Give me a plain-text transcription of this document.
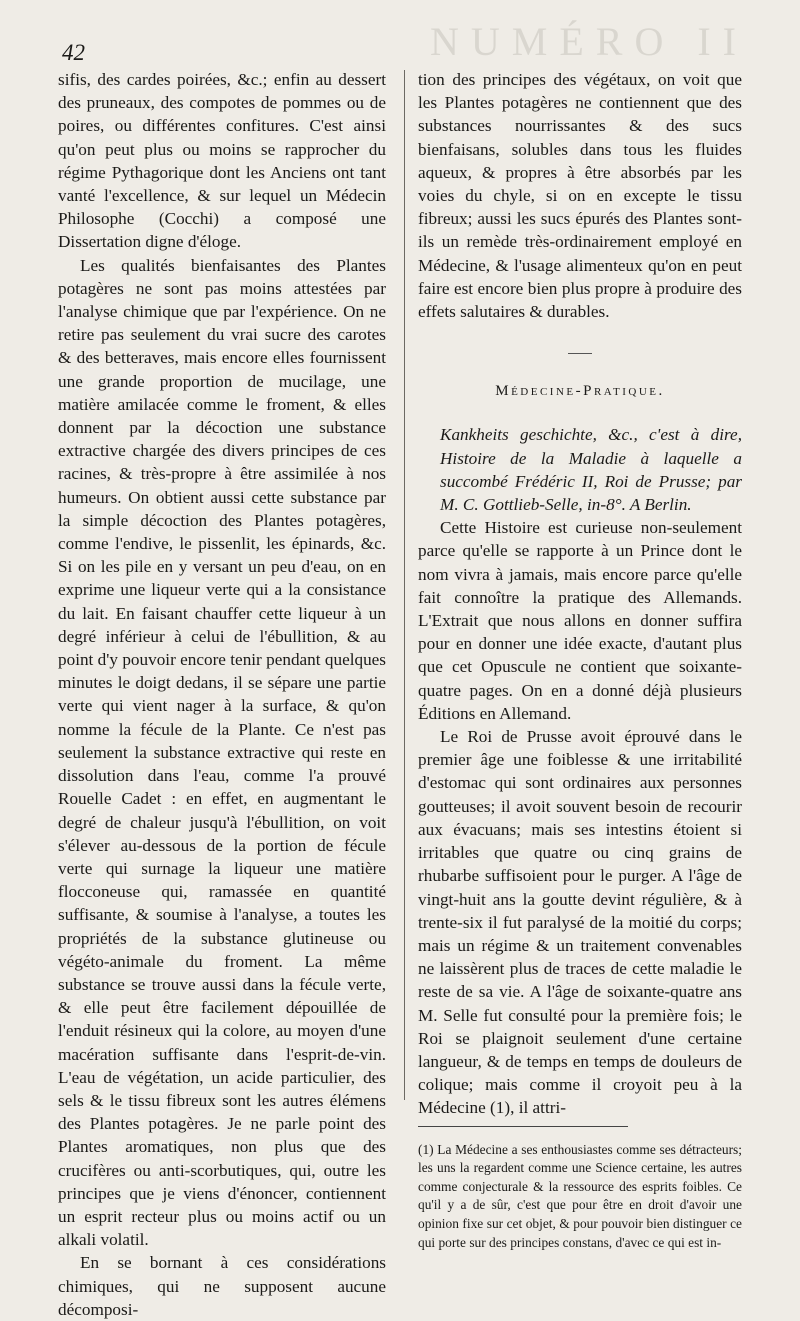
NUMÉRO II
42

sifis, des cardes poirées, &c.; enfin au dessert des pruneaux, des compotes de pommes ou de poires, ou différentes confitures. C'est ainsi qu'on peut plus ou moins se rapprocher du régime Pythagorique dont les Anciens ont tant vanté l'excellence, & sur lequel un Médecin Philosophe (Cocchi) a composé une Dissertation digne d'éloge.

Les qualités bienfaisantes des Plantes potagères ne sont pas moins attestées par l'analyse chimique que par l'expérience. On ne retire pas seulement du vrai sucre des carotes & des betteraves, mais encore elles fournissent une grande proportion de mucilage, une matière amilacée comme le froment, & elles donnent par la décoction une substance extractive chargée des divers principes de ces racines, & très-propre à être assimilée à nos humeurs. On obtient aussi cette substance par la simple décoction des Plantes potagères, comme l'endive, le pissenlit, les épinards, &c. Si on les pile en y versant un peu d'eau, on en exprime une liqueur verte qui a la consistance du lait. En faisant chauffer cette liqueur à un degré inférieur à celui de l'ébullition, & au point d'y pouvoir encore tenir pendant quelques minutes le doigt dedans, il se sépare une partie verte qui vient nager à la surface, & qu'on nomme la fécule de la Plante. Ce n'est pas seulement la substance extractive qui reste en dissolution dans l'eau, comme l'a prouvé Rouelle Cadet : en effet, en augmentant le degré de chaleur jusqu'à l'ébullition, on voit s'élever au-dessous de la portion de fécule verte qui surnage la liqueur une matière flocconeuse qui, ramassée en quantité suffisante, & soumise à l'analyse, a toutes les propriétés de la substance glutineuse ou végéto-animale du froment. La même substance se trouve aussi dans la fécule verte, & elle peut être facilement dépouillée de l'enduit résineux qui la colore, au moyen d'une macération suffisante dans l'esprit-de-vin. L'eau de végétation, un acide particulier, des sels & le tissu fibreux sont les autres élémens des Plantes potagères. Je ne parle point des Plantes aromatiques, non plus que des crucifères ou anti-scorbutiques, qui, outre les principes que je viens d'énoncer, contiennent un esprit recteur plus ou moins actif ou un alkali volatil.

En se bornant à ces considérations chimiques, qui ne supposent aucune décomposi-

tion des principes des végétaux, on voit que les Plantes potagères ne contiennent que des substances nourrissantes & des sucs bienfaisans, solubles dans tous les fluides aqueux, & propres à être absorbés par les voies du chyle, si on en excepte le tissu fibreux; aussi les sucs épurés des Plantes sont-ils un remède très-ordinairement employé en Médecine, & l'usage alimenteux qu'on en peut faire est encore bien plus propre à produire des effets salutaires & durables.

Médecine-Pratique.

Kankheits geschichte, &c., c'est à dire, Histoire de la Maladie à laquelle a succombé Frédéric II, Roi de Prusse; par M. C. Gottlieb-Selle, in-8°. A Berlin.

Cette Histoire est curieuse non-seulement parce qu'elle se rapporte à un Prince dont le nom vivra à jamais, mais encore parce qu'elle fait connoître la pratique des Allemands. L'Extrait que nous allons en donner suffira pour en donner une idée exacte, d'autant plus que cet Opuscule ne contient que soixante-quatre pages. On en a donné déjà plusieurs Éditions en Allemand.

Le Roi de Prusse avoit éprouvé dans le premier âge une foiblesse & une irritabilité d'estomac qui sont ordinaires aux personnes goutteuses; il avoit souvent besoin de recourir aux évacuans; mais ses intestins étoient si irritables que quatre ou cinq grains de rhubarbe suffisoient pour le purger. A l'âge de vingt-huit ans la goutte devint régulière, & à trente-six il fut paralysé de la moitié du corps; mais un régime & un traitement convenables ne laissèrent plus de traces de cette maladie le reste de sa vie. A l'âge de soixante-quatre ans M. Selle fut consulté pour la première fois; le Roi se plaignoit seulement d'une certaine langueur, & de temps en temps de douleurs de colique; mais comme il croyoit peu à la Médecine (1), il attri-

(1) La Médecine a ses enthousiastes comme ses détracteurs; les uns la regardent comme une Science certaine, les autres comme conjecturale & la ressource des esprits foibles. Ce qu'il y a de sûr, c'est que pour être en droit d'avoir une opinion fixe sur cet objet, & pour pouvoir bien distinguer ce qui porte sur des principes constans, d'avec ce qui est in-
